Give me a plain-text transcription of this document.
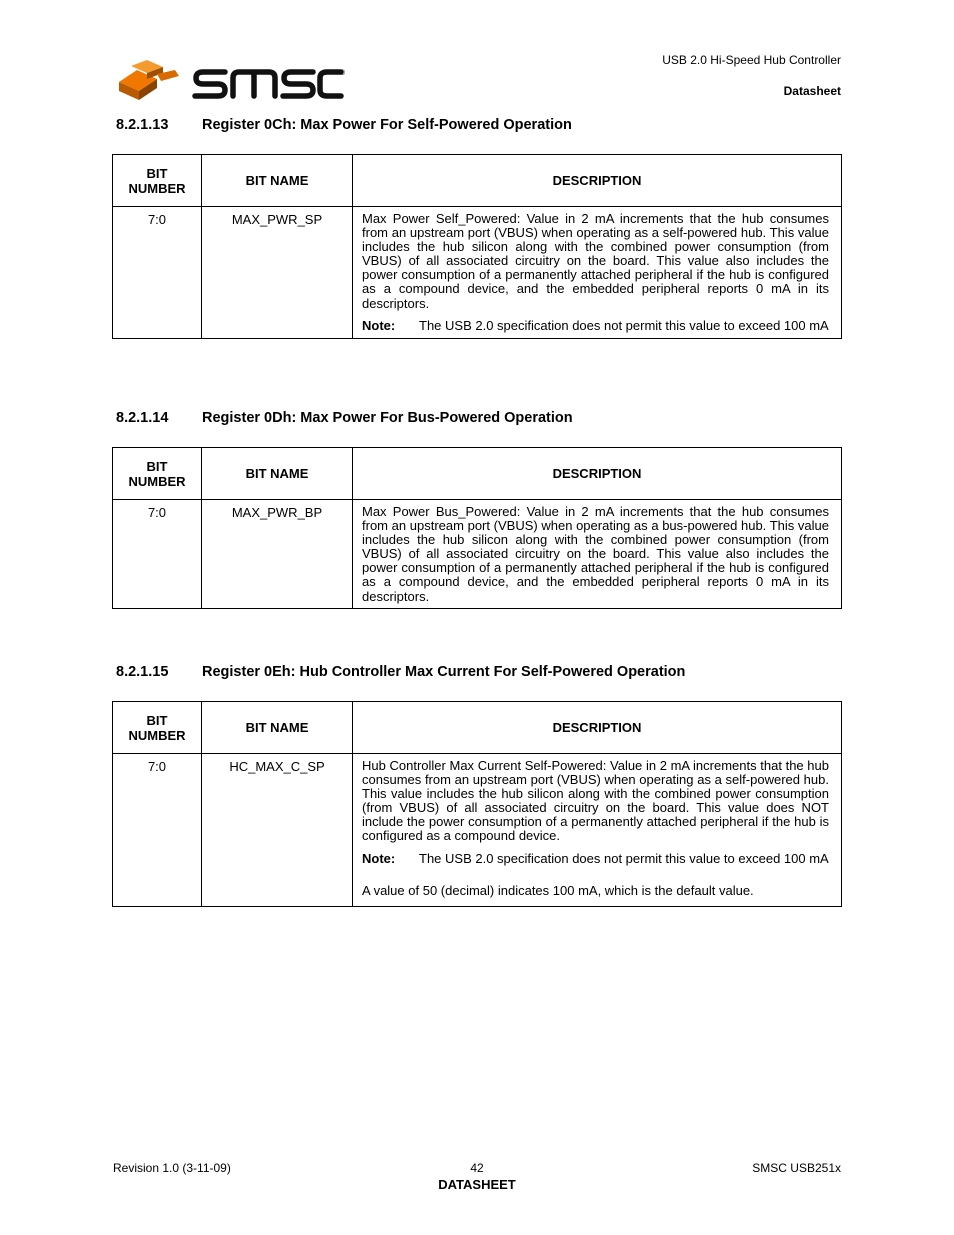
®
USB 2.0 Hi-Speed Hub Controller
Datasheet
8.2.1.13 Register 0Ch: Max Power For Self-Powered Operation
BIT
NUMBER	BIT NAME	DESCRIPTION
7:0	MAX_PWR_SP	Max Power Self_Powered: Value in 2 mA increments that the hub consumes from an upstream port (VBUS) when operating as a self-powered hub. This value includes the hub silicon along with the combined power consumption (from VBUS) of all associated circuitry on the board. This value also includes the power consumption of a permanently attached peripheral if the hub is configured as a compound device, and the embedded peripheral reports 0 mA in its descriptors.
Note: The USB 2.0 specification does not permit this value to exceed 100 mA
8.2.1.14 Register 0Dh: Max Power For Bus-Powered Operation
BIT
NUMBER	BIT NAME	DESCRIPTION
7:0	MAX_PWR_BP	Max Power Bus_Powered: Value in 2 mA increments that the hub consumes from an upstream port (VBUS) when operating as a bus-powered hub. This value includes the hub silicon along with the combined power consumption (from VBUS) of all associated circuitry on the board. This value also includes the power consumption of a permanently attached peripheral if the hub is configured as a compound device, and the embedded peripheral reports 0 mA in its descriptors.
8.2.1.15 Register 0Eh: Hub Controller Max Current For Self-Powered Operation
BIT
NUMBER	BIT NAME	DESCRIPTION
7:0	HC_MAX_C_SP	Hub Controller Max Current Self-Powered: Value in 2 mA increments that the hub consumes from an upstream port (VBUS) when operating as a self-powered hub. This value includes the hub silicon along with the combined power consumption (from VBUS) of all associated circuitry on the board. This value does NOT include the power consumption of a permanently attached peripheral if the hub is configured as a compound device.
Note: The USB 2.0 specification does not permit this value to exceed 100 mA
A value of 50 (decimal) indicates 100 mA, which is the default value.
Revision 1.0 (3-11-09)	42	SMSC USB251x
DATASHEET
